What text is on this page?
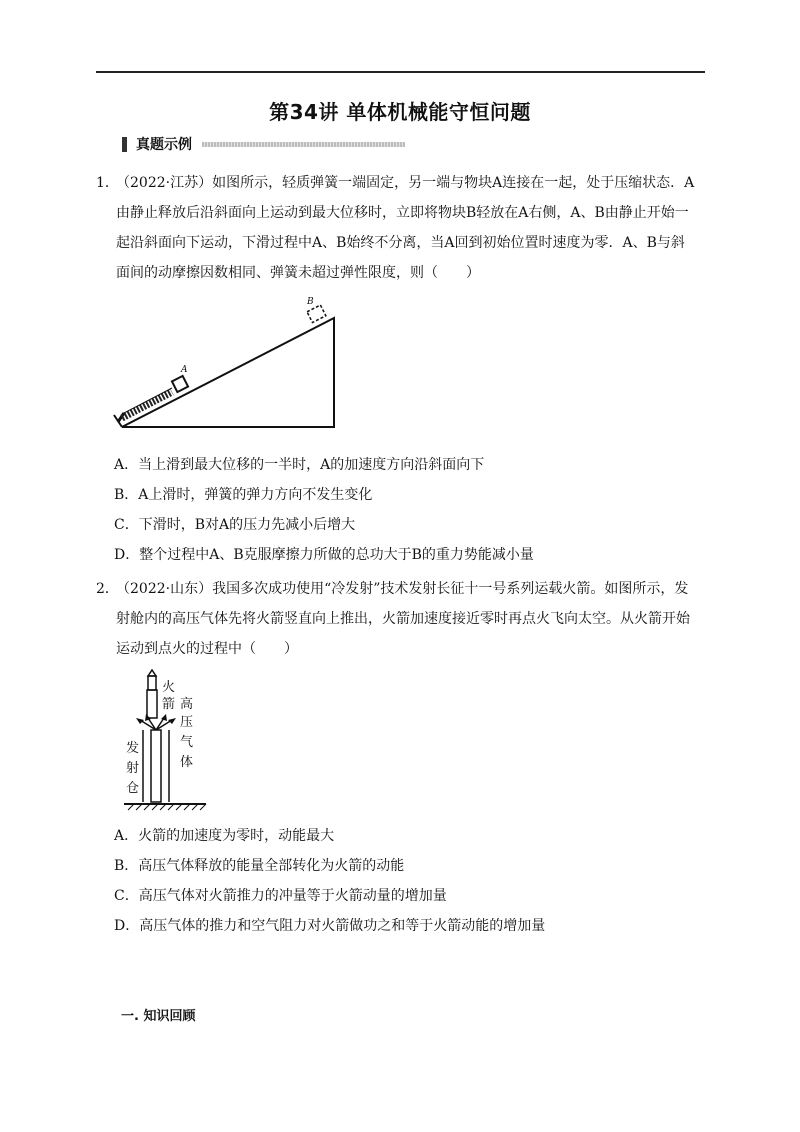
第34讲 单体机械能守恒问题
真题示例
1．（2022·江苏）如图所示，轻质弹簧一端固定，另一端与物块A连接在一起，处于压缩状态．A
由静止释放后沿斜面向上运动到最大位移时，立即将物块B轻放在A右侧，A、B由静止开始一
起沿斜面向下运动，下滑过程中A、B始终不分离，当A回到初始位置时速度为零．A、B与斜
面间的动摩擦因数相同、弹簧未超过弹性限度，则（　　）
A
B
A．当上滑到最大位移的一半时，A的加速度方向沿斜面向下
B．A上滑时，弹簧的弹力方向不发生变化
C．下滑时，B对A的压力先减小后增大
D．整个过程中A、B克服摩擦力所做的总功大于B的重力势能减小量
2．（2022·山东）我国多次成功使用“冷发射”技术发射长征十一号系列运载火箭。如图所示，发
射舱内的高压气体先将火箭竖直向上推出，火箭加速度接近零时再点火飞向太空。从火箭开始
运动到点火的过程中（　　）
火
箭 高
压
气
体
发
射
仓
A．火箭的加速度为零时，动能最大
B．高压气体释放的能量全部转化为火箭的动能
C．高压气体对火箭推力的冲量等于火箭动量的增加量
D．高压气体的推力和空气阻力对火箭做功之和等于火箭动能的增加量
一. 知识回顾
